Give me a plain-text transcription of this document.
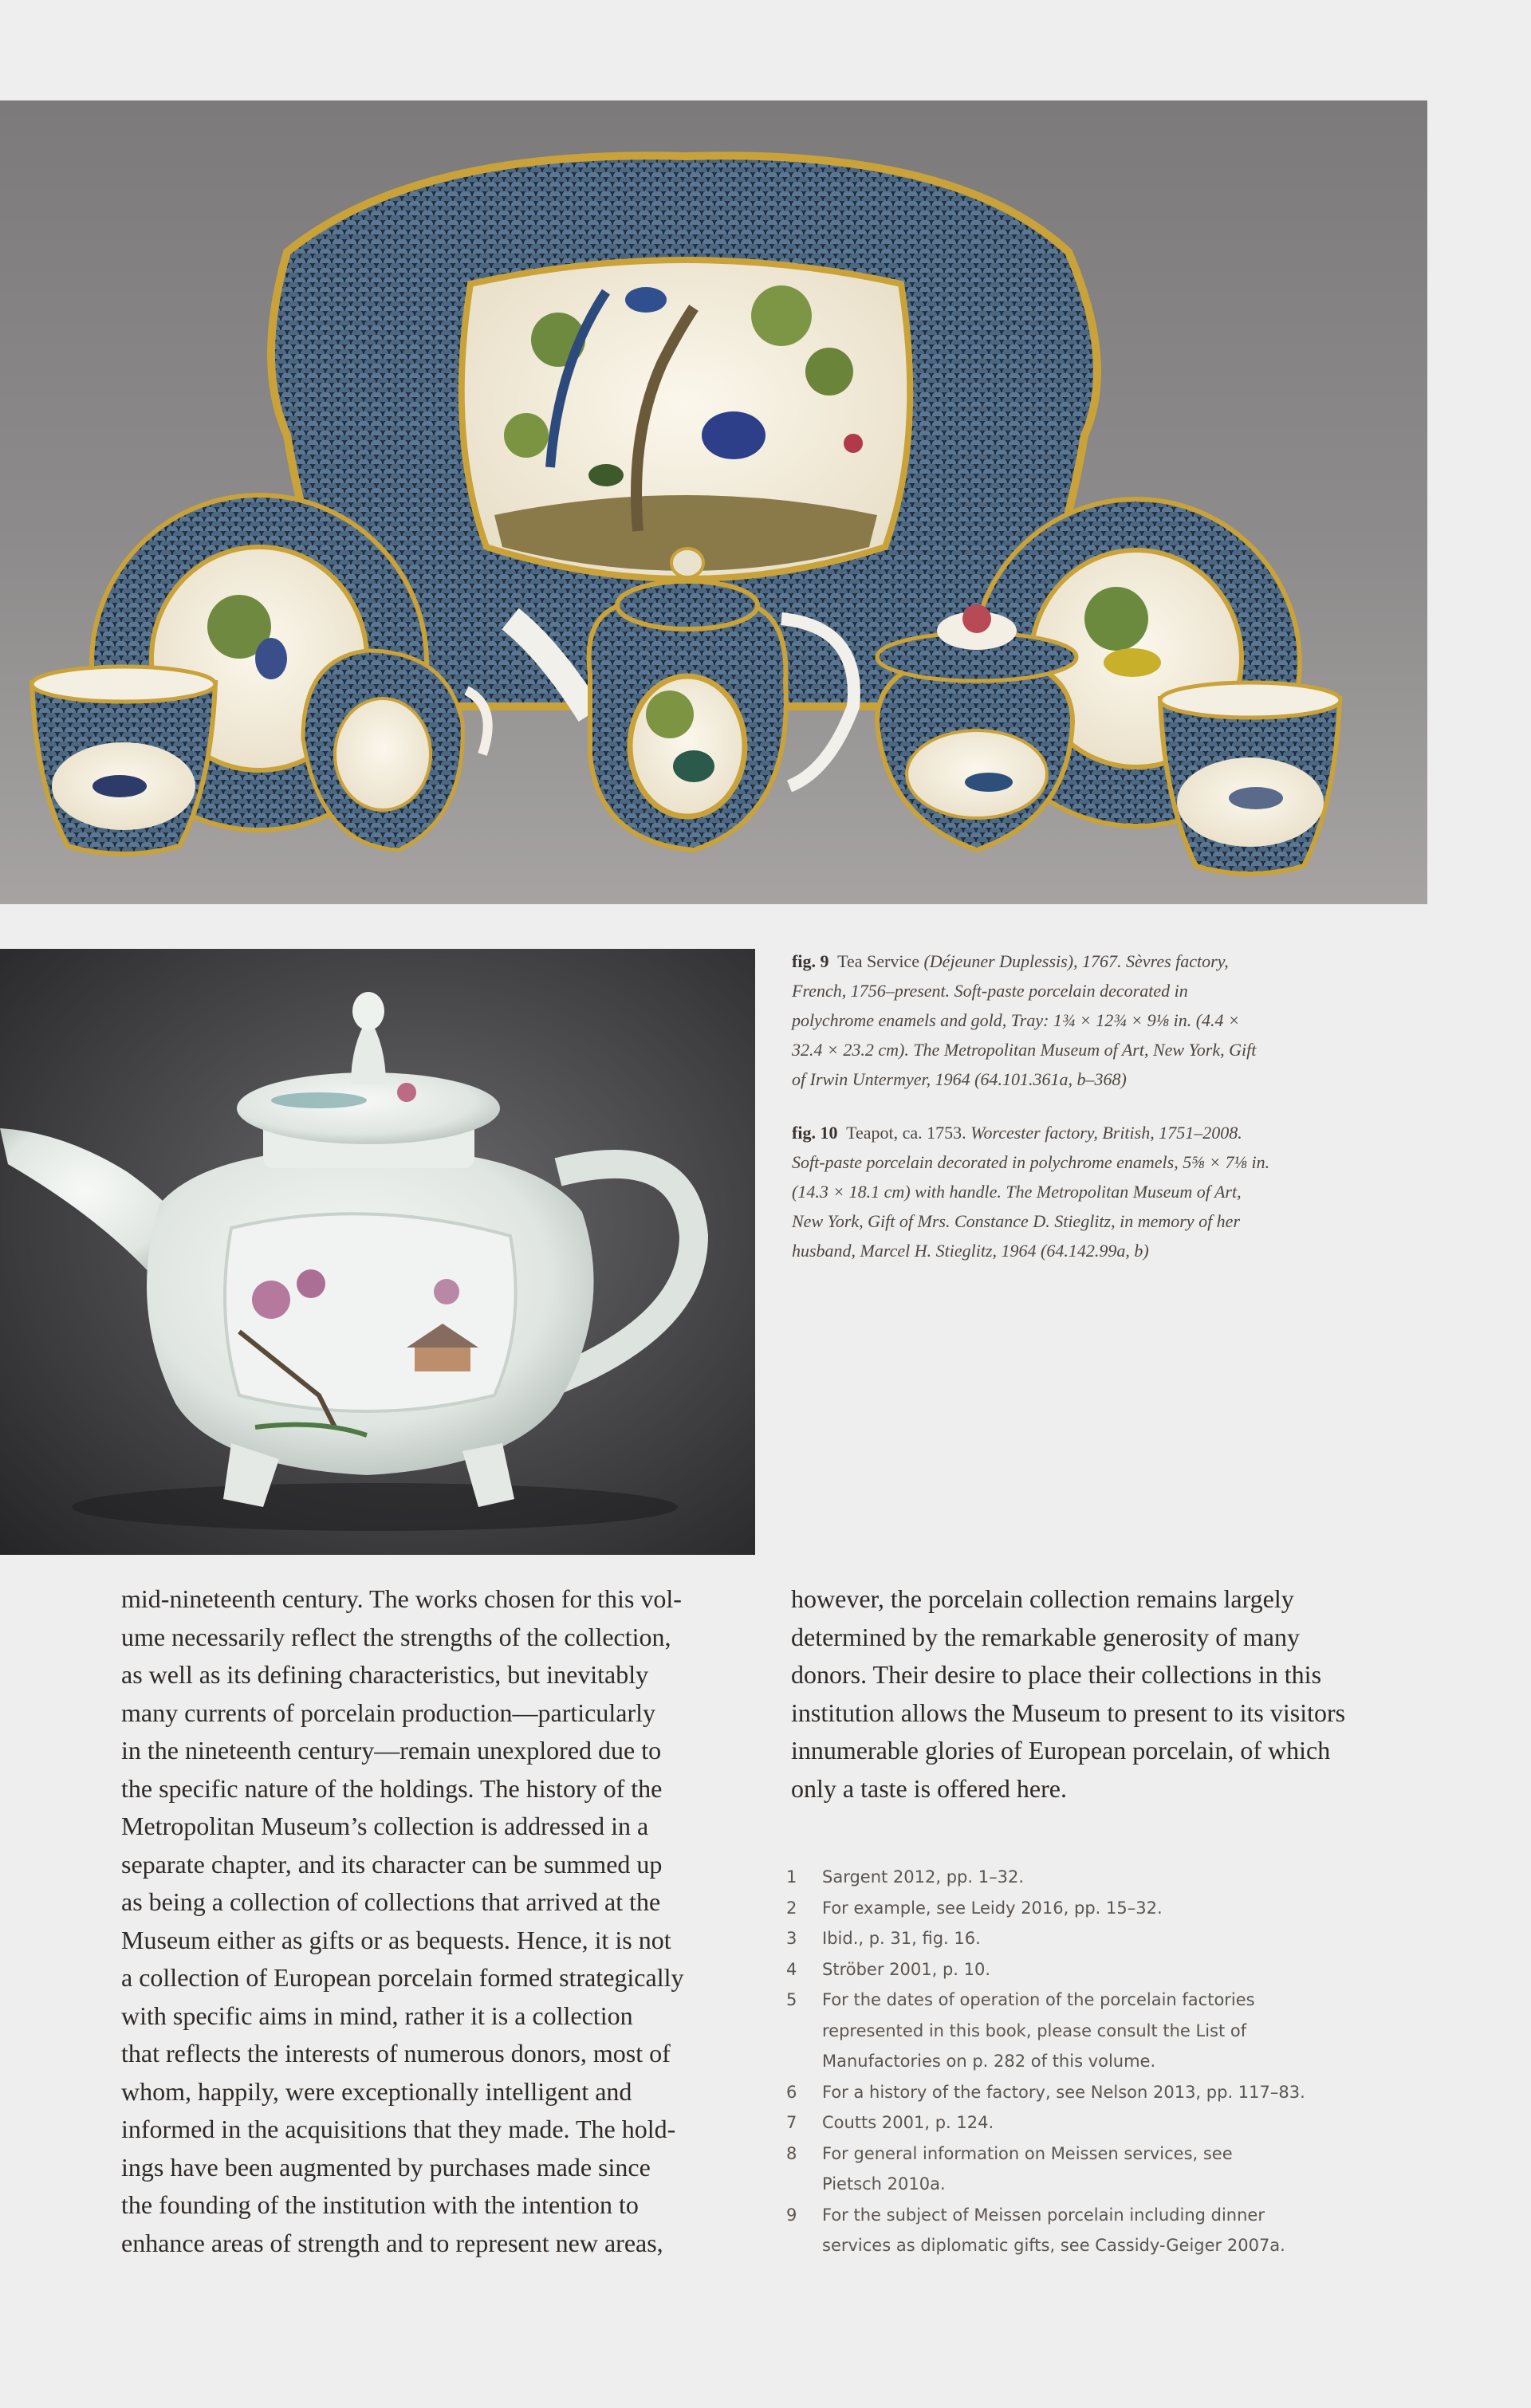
fig. 9 Tea Service (Déjeuner Duplessis), 1767. Sèvres factory, French, 1756–present. Soft-paste porcelain decorated in polychrome enamels and gold, Tray: 1¾ × 12¾ × 9⅛ in. (4.4 × 32.4 × 23.2 cm). The Metropolitan Museum of Art, New York, Gift of Irwin Untermyer, 1964 (64.101.361a, b–368)

fig. 10 Teapot, ca. 1753. Worcester factory, British, 1751–2008. Soft-paste porcelain decorated in polychrome enamels, 5⅝ × 7⅛ in. (14.3 × 18.1 cm) with handle. The Metropolitan Museum of Art, New York, Gift of Mrs. Constance D. Stieglitz, in memory of her husband, Marcel H. Stieglitz, 1964 (64.142.99a, b)

mid-nineteenth century. The works chosen for this vol-
ume necessarily reflect the strengths of the collection,
as well as its defining characteristics, but inevitably
many currents of porcelain production—particularly
in the nineteenth century—remain unexplored due to
the specific nature of the holdings. The history of the
Metropolitan Museum’s collection is addressed in a
separate chapter, and its character can be summed up
as being a collection of collections that arrived at the
Museum either as gifts or as bequests. Hence, it is not
a collection of European porcelain formed strategically
with specific aims in mind, rather it is a collection
that reflects the interests of numerous donors, most of
whom, happily, were exceptionally intelligent and
informed in the acquisitions that they made. The hold-
ings have been augmented by purchases made since
the founding of the institution with the intention to
enhance areas of strength and to represent new areas,
however, the porcelain collection remains largely
determined by the remarkable generosity of many
donors. Their desire to place their collections in this
institution allows the Museum to present to its visitors
innumerable glories of European porcelain, of which
only a taste is offered here.
1 Sargent 2012, pp. 1–32.
2 For example, see Leidy 2016, pp. 15–32.
3 Ibid., p. 31, fig. 16.
4 Ströber 2001, p. 10.
5 For the dates of operation of the porcelain factories
represented in this book, please consult the List of
Manufactories on p. 282 of this volume.
6 For a history of the factory, see Nelson 2013, pp. 117–83.
7 Coutts 2001, p. 124.
8 For general information on Meissen services, see
Pietsch 2010a.
9 For the subject of Meissen porcelain including dinner
services as diplomatic gifts, see Cassidy-Geiger 2007a.
